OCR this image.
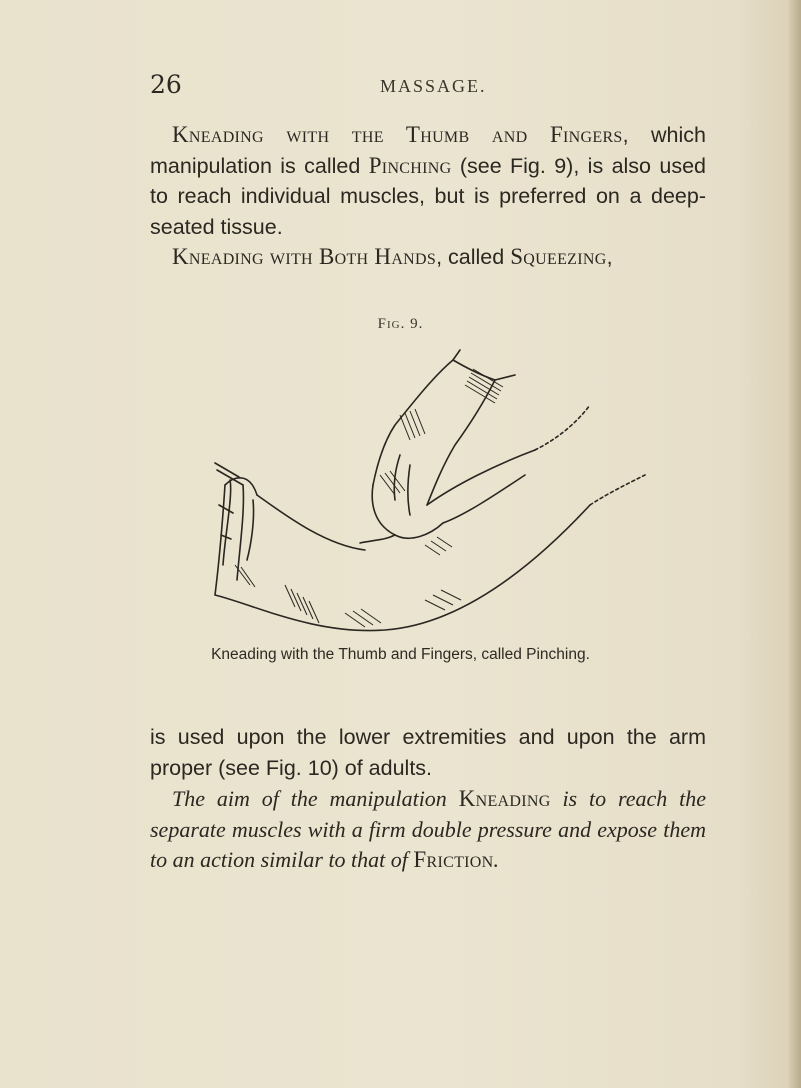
26	MASSAGE.

Kneading with the Thumb and Fingers, which manipulation is called Pinching (see Fig. 9), is also used to reach individual muscles, but is preferred on a deep-seated tissue.

Kneading with Both Hands, called Squeezing,

Fig. 9.
Kneading with the Thumb and Fingers, called Pinching.

is used upon the lower extremities and upon the arm proper (see Fig. 10) of adults.

The aim of the manipulation Kneading is to reach the separate muscles with a firm double pressure and expose them to an action similar to that of Friction.
